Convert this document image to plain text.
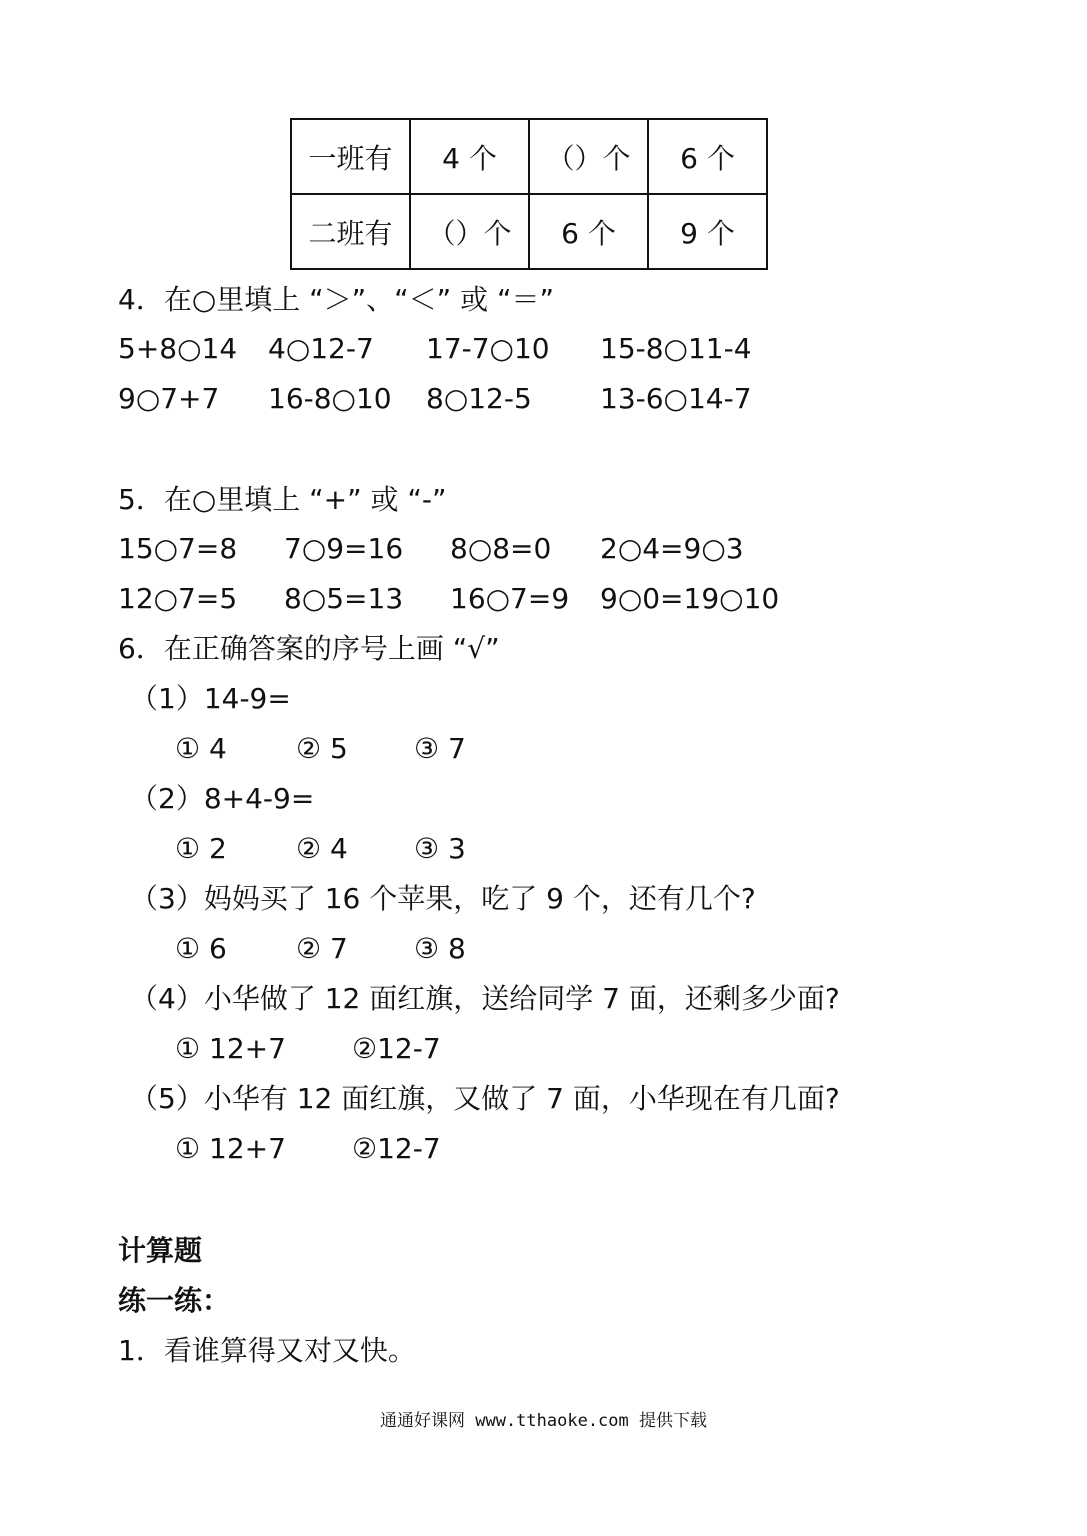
一班有	4 个	（）个	6 个
二班有	（）个	6 个	9 个
4．在○里填上 “＞”、“＜” 或 “＝”
5+8○14 4○12-7 17-7○10 15-8○11-4
9○7+7 16-8○10 8○12-5 13-6○14-7
5．在○里填上 “+” 或 “-”
15○7=8 7○9=16 8○8=0 2○4=9○3
12○7=5 8○5=13 16○7=9 9○0=19○10
6．在正确答案的序号上画 “√”
（1）14-9=
① 4 ② 5 ③ 7
（2）8+4-9=
① 2 ② 4 ③ 3
（3）妈妈买了 16 个苹果，吃了 9 个，还有几个?
① 6 ② 7 ③ 8
（4）小华做了 12 面红旗，送给同学 7 面，还剩多少面?
① 12+7 ②12-7
（5）小华有 12 面红旗，又做了 7 面，小华现在有几面?
① 12+7 ②12-7
计算题
练一练：
1．看谁算得又对又快。
通通好课网 www.tthaoke.com 提供下载
